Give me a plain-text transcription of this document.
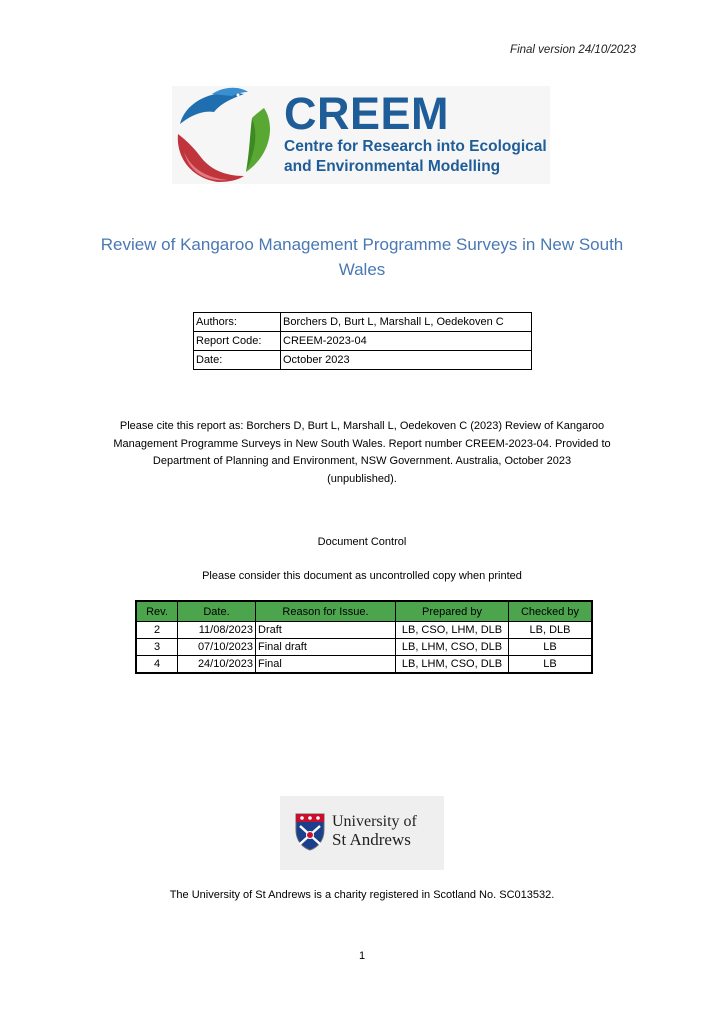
Final version 24/10/2023
CREEM
Centre for Research into Ecological
and Environmental Modelling
Review of Kangaroo Management Programme Surveys in New South
Wales
Authors:	Borchers D, Burt L, Marshall L, Oedekoven C
Report Code:	CREEM-2023-04
Date:	October 2023
Please cite this report as: Borchers D, Burt L, Marshall L, Oedekoven C (2023) Review of Kangaroo
Management Programme Surveys in New South Wales. Report number CREEM-2023-04. Provided to
Department of Planning and Environment, NSW Government. Australia, October 2023
(unpublished).
Document Control
Please consider this document as uncontrolled copy when printed
Rev.	Date.	Reason for Issue.	Prepared by	Checked by
2	11/08/2023	Draft	LB, CSO, LHM, DLB	LB, DLB
3	07/10/2023	Final draft	LB, LHM, CSO, DLB	LB
4	24/10/2023	Final	LB, LHM, CSO, DLB	LB
University of
St Andrews
The University of St Andrews is a charity registered in Scotland No. SC013532.
1
